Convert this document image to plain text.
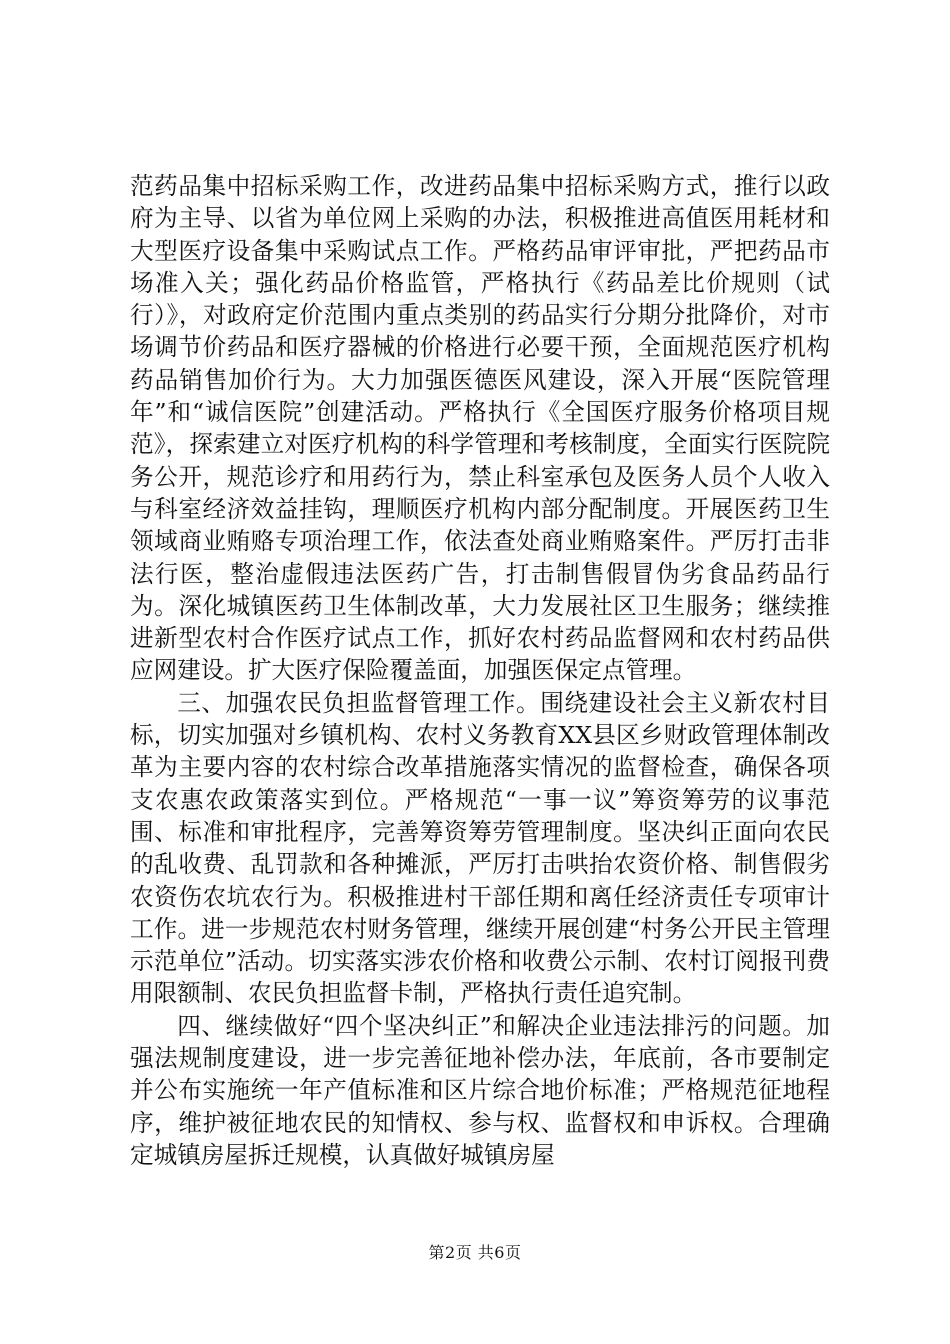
范药品集中招标采购工作，改进药品集中招标采购方式，推行以政府为主导、以省为单位网上采购的办法，积极推进高值医用耗材和大型医疗设备集中采购试点工作。严格药品审评审批，严把药品市场准入关；强化药品价格监管，严格执行《药品差比价规则（试行）》，对政府定价范围内重点类别的药品实行分期分批降价，对市场调节价药品和医疗器械的价格进行必要干预，全面规范医疗机构药品销售加价行为。大力加强医德医风建设，深入开展“医院管理年”和“诚信医院”创建活动。严格执行《全国医疗服务价格项目规范》，探索建立对医疗机构的科学管理和考核制度，全面实行医院院务公开，规范诊疗和用药行为，禁止科室承包及医务人员个人收入与科室经济效益挂钩，理顺医疗机构内部分配制度。开展医药卫生领域商业贿赂专项治理工作，依法查处商业贿赂案件。严厉打击非法行医，整治虚假违法医药广告，打击制售假冒伪劣食品药品行为。深化城镇医药卫生体制改革，大力发展社区卫生服务；继续推进新型农村合作医疗试点工作，抓好农村药品监督网和农村药品供应网建设。扩大医疗保险覆盖面，加强医保定点管理。

三、加强农民负担监督管理工作。围绕建设社会主义新农村目标，切实加强对乡镇机构、农村义务教育XX县区乡财政管理体制改革为主要内容的农村综合改革措施落实情况的监督检查，确保各项支农惠农政策落实到位。严格规范“一事一议”筹资筹劳的议事范围、标准和审批程序，完善筹资筹劳管理制度。坚决纠正面向农民的乱收费、乱罚款和各种摊派，严厉打击哄抬农资价格、制售假劣农资伤农坑农行为。积极推进村干部任期和离任经济责任专项审计工作。进一步规范农村财务管理，继续开展创建“村务公开民主管理示范单位”活动。切实落实涉农价格和收费公示制、农村订阅报刊费用限额制、农民负担监督卡制，严格执行责任追究制。

四、继续做好“四个坚决纠正”和解决企业违法排污的问题。加强法规制度建设，进一步完善征地补偿办法，年底前，各市要制定并公布实施统一年产值标准和区片综合地价标准；严格规范征地程序，维护被征地农民的知情权、参与权、监督权和申诉权。合理确定城镇房屋拆迁规模，认真做好城镇房屋

第2页 共6页
